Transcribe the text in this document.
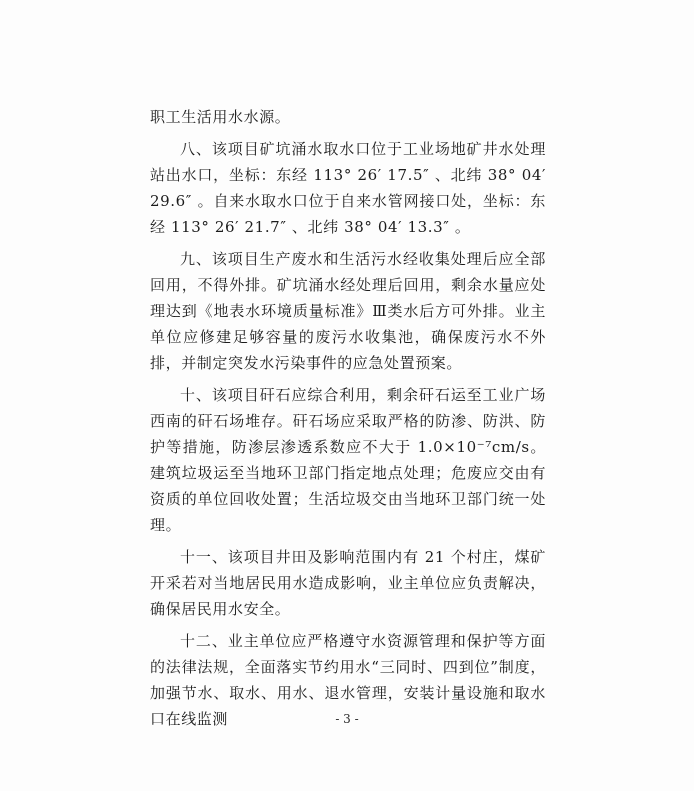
职工生活用水水源。

八、该项目矿坑涌水取水口位于工业场地矿井水处理站出水口，坐标：东经 113° 26′ 17.5″ 、北纬 38° 04′ 29.6″ 。自来水取水口位于自来水管网接口处，坐标：东经 113° 26′ 21.7″ 、北纬 38° 04′ 13.3″ 。

九、该项目生产废水和生活污水经收集处理后应全部回用，不得外排。矿坑涌水经处理后回用，剩余水量应处理达到《地表水环境质量标准》Ⅲ类水后方可外排。业主单位应修建足够容量的废污水收集池，确保废污水不外排，并制定突发水污染事件的应急处置预案。

十、该项目矸石应综合利用，剩余矸石运至工业广场西南的矸石场堆存。矸石场应采取严格的防渗、防洪、防护等措施，防渗层渗透系数应不大于 1.0×10⁻⁷cm/s。建筑垃圾运至当地环卫部门指定地点处理；危废应交由有资质的单位回收处置；生活垃圾交由当地环卫部门统一处理。

十一、该项目井田及影响范围内有 21 个村庄，煤矿开采若对当地居民用水造成影响，业主单位应负责解决，确保居民用水安全。

十二、业主单位应严格遵守水资源管理和保护等方面的法律法规，全面落实节约用水“三同时、四到位”制度，加强节水、取水、用水、退水管理，安装计量设施和取水口在线监测	- 3 -
